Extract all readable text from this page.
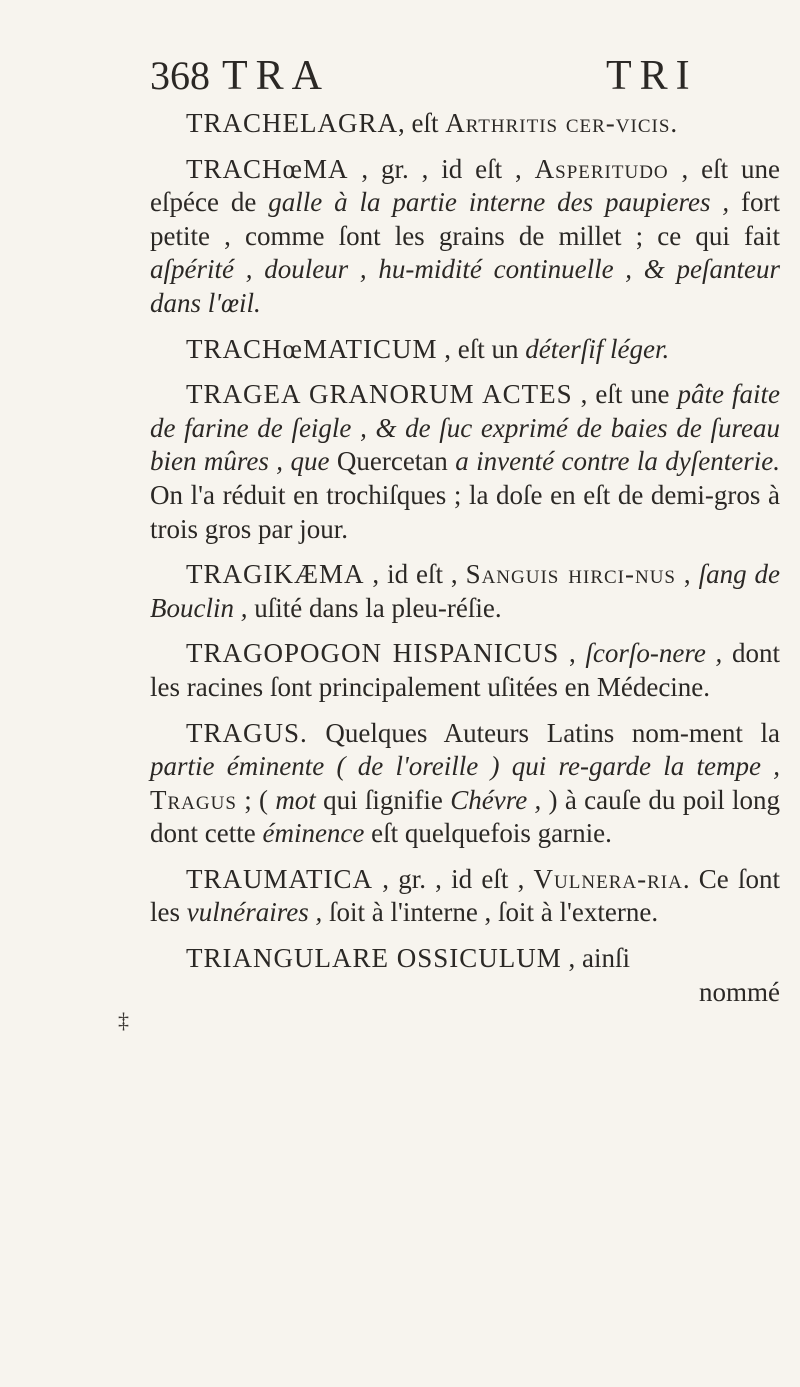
368 TRA	TRI
‡

TRACHELAGRA, eſt Arthritis cer-vicis.

TRACHœMA , gr. , id eſt , Asperitudo , eſt une eſpéce de galle à la partie interne des paupieres , fort petite , comme ſont les grains de millet ; ce qui fait aſpérité , douleur , hu-midité continuelle , & peſanteur dans l'œil.

TRACHœMATICUM , eſt un déterſif léger.

TRAGEA GRANORUM ACTES , eſt une pâte faite de farine de ſeigle , & de ſuc exprimé de baies de ſureau bien mûres , que Quercetan a inventé contre la dyſenterie. On l'a réduit en trochiſques ; la doſe en eſt de demi-gros à trois gros par jour.

TRAGIKÆMA , id eſt , Sanguis hirci-nus , ſang de Bouclin , uſité dans la pleu-réſie.

TRAGOPOGON HISPANICUS , ſcorſo-nere , dont les racines ſont principalement uſitées en Médecine.

TRAGUS. Quelques Auteurs Latins nom-ment la partie éminente ( de l'oreille ) qui re-garde la tempe , Tragus ; ( mot qui ſignifie Chévre , ) à cauſe du poil long dont cette éminence eſt quelquefois garnie.

TRAUMATICA , gr. , id eſt , Vulnera-ria. Ce ſont les vulnéraires , ſoit à l'interne , ſoit à l'externe.

TRIANGULARE OSSICULUM , ainſi
nommé
